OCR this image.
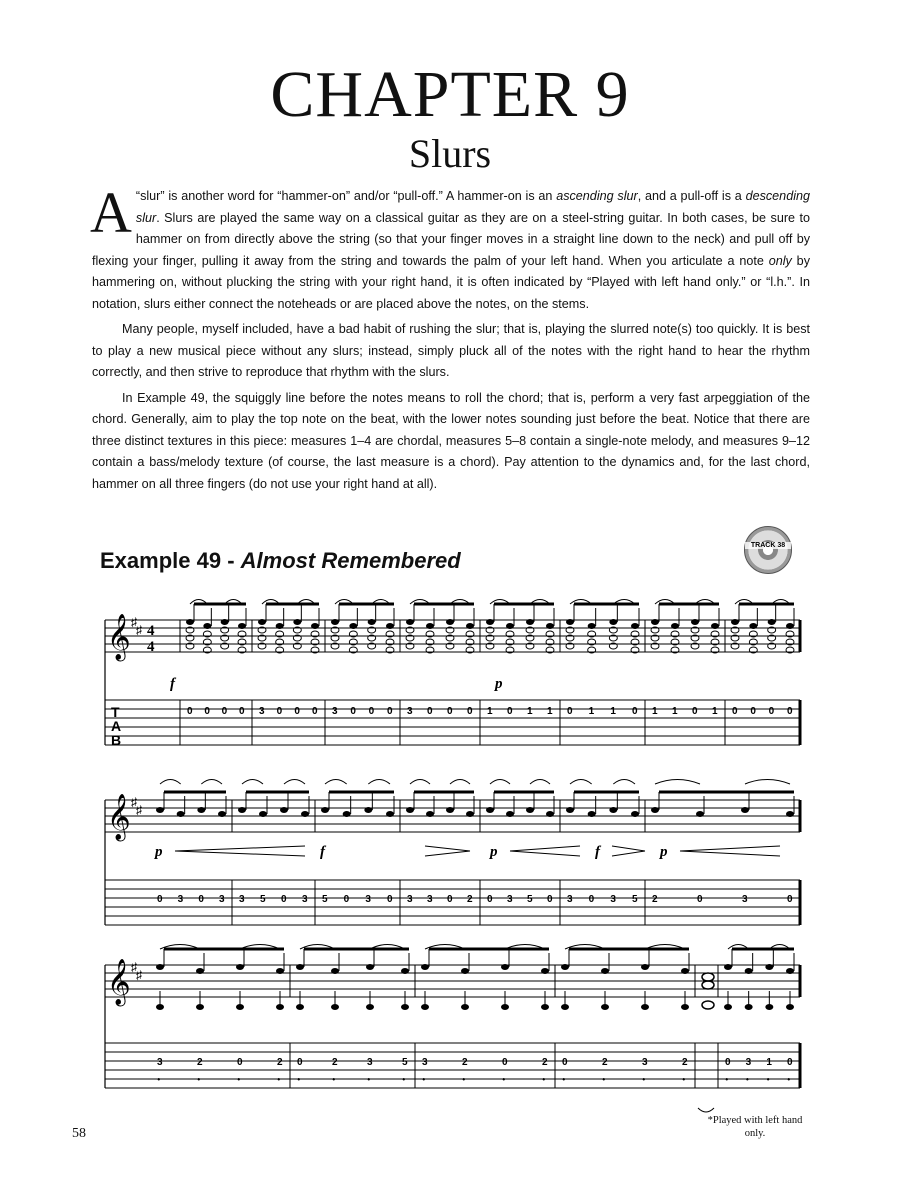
CHAPTER 9
Slurs

A “slur” is another word for “hammer-on” and/or “pull-off.” A hammer-on is an ascending slur, and a pull-off is a descending slur. Slurs are played the same way on a classical guitar as they are on a steel-string guitar. In both cases, be sure to hammer on from directly above the string (so that your finger moves in a straight line down to the neck) and pull off by flexing your finger, pulling it away from the string and towards the palm of your left hand. When you articulate a note only by hammering on, without plucking the string with your right hand, it is often indicated by “Played with left hand only.” or “l.h.”. In notation, slurs either connect the noteheads or are placed above the notes, on the stems.

Many people, myself included, have a bad habit of rushing the slur; that is, playing the slurred note(s) too quickly. It is best to play a new musical piece without any slurs; instead, simply pluck all of the notes with the right hand to hear the rhythm correctly, and then strive to reproduce that rhythm with the slurs.

In Example 49, the squiggly line before the notes means to roll the chord; that is, perform a very fast arpeggiation of the chord. Generally, aim to play the top note on the beat, with the lower notes sounding just before the beat. Notice that there are three distinct textures in this piece: measures 1–4 are chordal, measures 5–8 contain a single-note melody, and measures 9–12 contain a bass/melody texture (of course, the last measure is a chord). Pay attention to the dynamics and, for the last chord, hammer on all three fingers (do not use your right hand at all).

Example 49 - Almost Remembered
TRACK 38
𝄞 ♯
♯ 4
4
T
A
B
0 0 0 0 3 0 0 0 3 0 0 0 3 0 0 0 1 0 1 1 0 1 1 0 1 1 0 1 0 0 0 0
f	p
𝄞 ♯
♯
0 3 0 3 3 5 0 3 5 0 3 0 3 3 0 2 0 3 5 0 3 0 3 5 2	0	3	0
p	f	p	f	p
𝄞 ♯
♯
3
•
2
•
0
•
2
•
0
•
2
•
3
•
5
•
3
•
2
•
0
•
2
•
0
•
2
•
3
•
2
•
0
•
3
•
1
•
0
•
58
*Played with left hand only.
